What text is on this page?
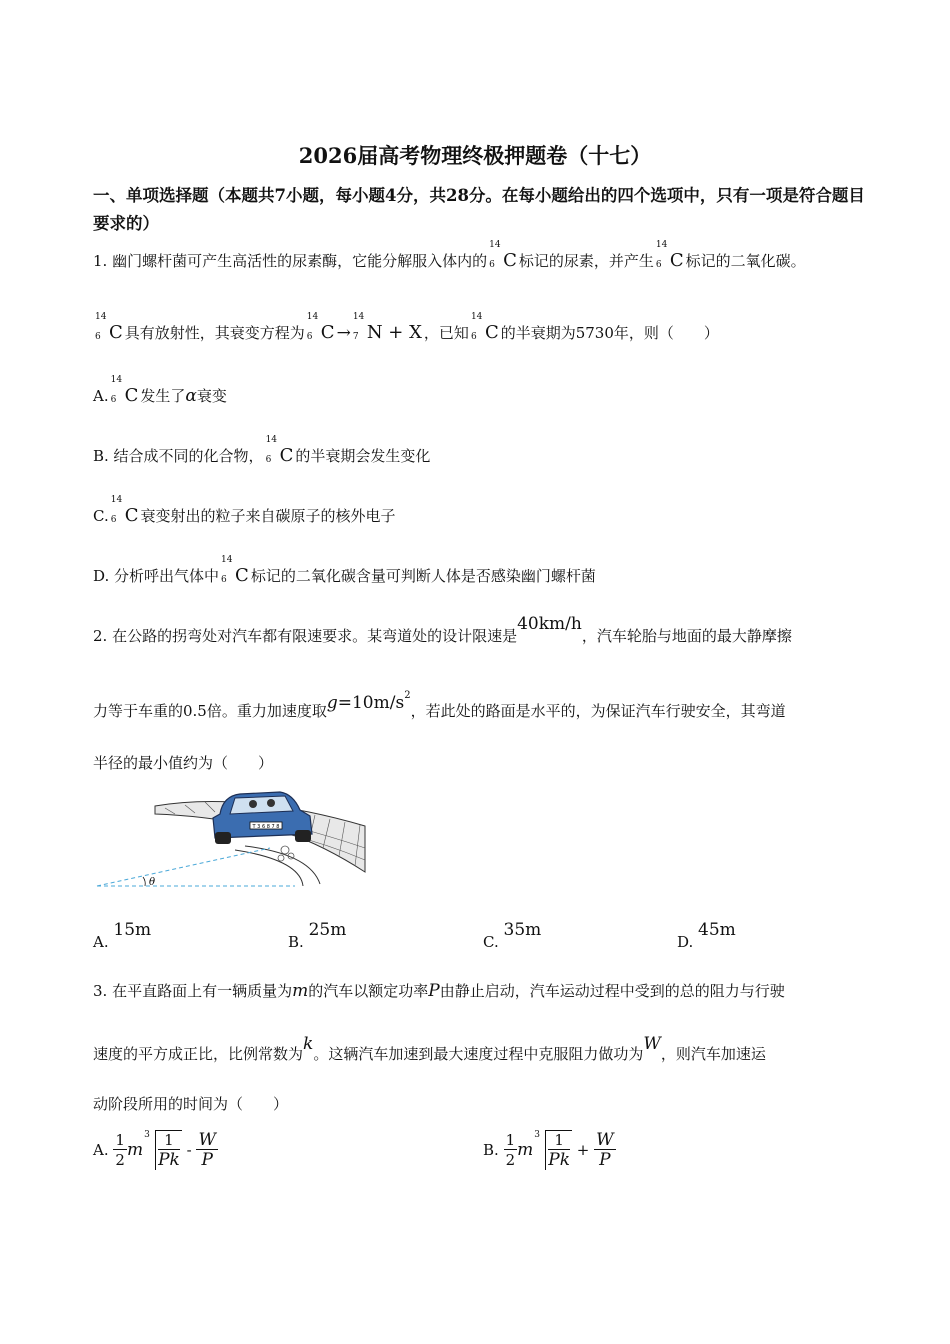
2026届高考物理终极押题卷（十七）
一、单项选择题（本题共7小题，每小题4分，共28分。在每小题给出的四个选项中，只有一项是符合题目要求的）
1. 幽门螺杆菌可产生高活性的尿素酶，它能分解服入体内的
14
6 C 标记的尿素，并产生
14
6 C 标记的二氧化碳。
14
6 C 具有放射性，其衰变方程为
14
6 C →
14
7 N + X ，已知
14
6 C 的半衰期为5730年，则（　　）
A.
14
6 C 发生了α衰变
B. 结合成不同的化合物，
14
6 C 的半衰期会发生变化
C.
14
6 C 衰变射出的粒子来自碳原子的核外电子
D. 分析呼出气体中
14
6 C 标记的二氧化碳含量可判断人体是否感染幽门螺杆菌
2. 在公路的拐弯处对汽车都有限速要求。某弯道处的设计限速是40km/h，汽车轮胎与地面的最大静摩擦
力等于车重的0.5倍。重力加速度取$g=10m/s^2$，若此处的路面是水平的，为保证汽车行驶安全，其弯道
半径的最小值约为（　　）
T 3 6 8 7 8
θ
A. 15m
B. 25m
C. 35m
D. 45m
3. 在平直路面上有一辆质量为m的汽车以额定功率P由静止启动，汽车运动过程中受到的总的阻力与行驶
速度的平方成正比，比例常数为k。这辆汽车加速到最大速度过程中克服阻力做功为W，则汽车加速运
动阶段所用的时间为（　　）
A. $\frac{1}{2}$ m
$3 \frac{1}{Pk} - \frac{W}{P}$	B. $\frac{1}{2}$ m
$3 \frac{1}{Pk} + \frac{W}{P}$
